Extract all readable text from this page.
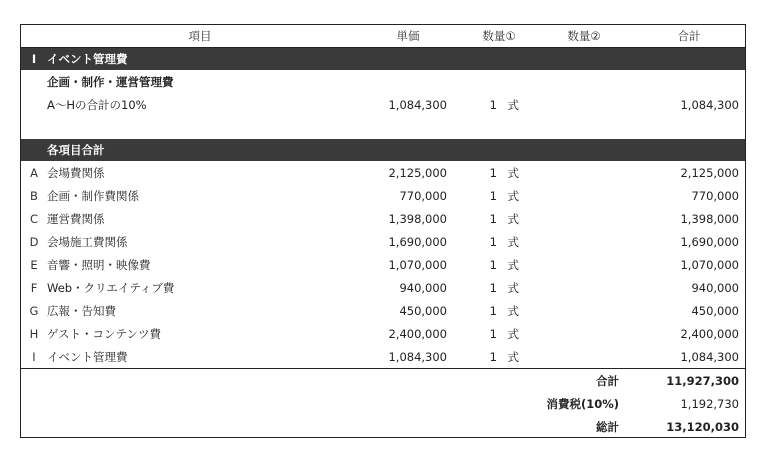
	項目	単価	数量①	数量②	合計
I	イベント管理費				
	企画・制作・運営管理費				
	A～Hの合計の10%	1,084,300	1 式		1,084,300

	各項目合計				
A	会場費関係	2,125,000	1 式		2,125,000
B	企画・制作費関係	770,000	1 式		770,000
C	運営費関係	1,398,000	1 式		1,398,000
D	会場施工費関係	1,690,000	1 式		1,690,000
E	音響・照明・映像費	1,070,000	1 式		1,070,000
F	Web・クリエイティブ費	940,000	1 式		940,000
G	広報・告知費	450,000	1 式		450,000
H	ゲスト・コンテンツ費	2,400,000	1 式		2,400,000
I	イベント管理費	1,084,300	1 式		1,084,300
				合計	11,927,300
				消費税(10%)	1,192,730
				総計	13,120,030
